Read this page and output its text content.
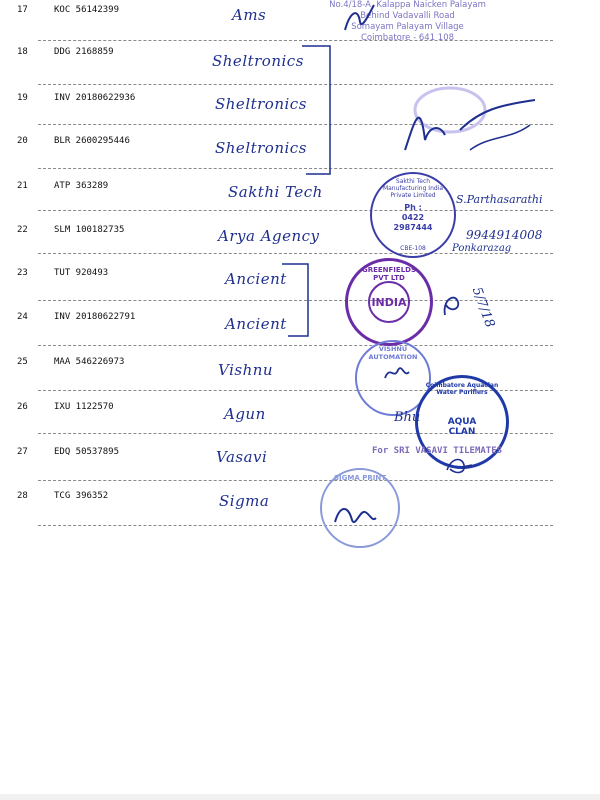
17	KOC 56142399	Ams
18	DDG 2168859	Sheltronics
19	INV 20180622936	Sheltronics
20	BLR 2600295446	Sheltronics
21	ATP 363289	Sakthi Tech
22	SLM 100182735	Arya Agency
23	TUT 920493	Ancient
24	INV 20180622791	Ancient
25	MAA 546226973	Vishnu
26	IXU 1122570	Agun
27	EDQ 50537895	Vasavi
28	TCG 396352	Sigma
No.4/18-A, Kalappa Naicken Palayam
Behind Vadavalli Road
Somayam Palayam Village
Coimbatore - 641 108
Sakthi Tech Manufacturing India Private Limited
Ph :
0422
2987444
CBE-108
S.Parthasarathi
9944914008
Ponkarazag
GREENFIELDS PVT LTD
INDIA	5/7/18
VISHNU AUTOMATION
Coimbatore Aquaclan Water Purifiers
AQUA
CLAN
Bhu
For SRI VASAVI TILEMATES
SIGMA PRINT
